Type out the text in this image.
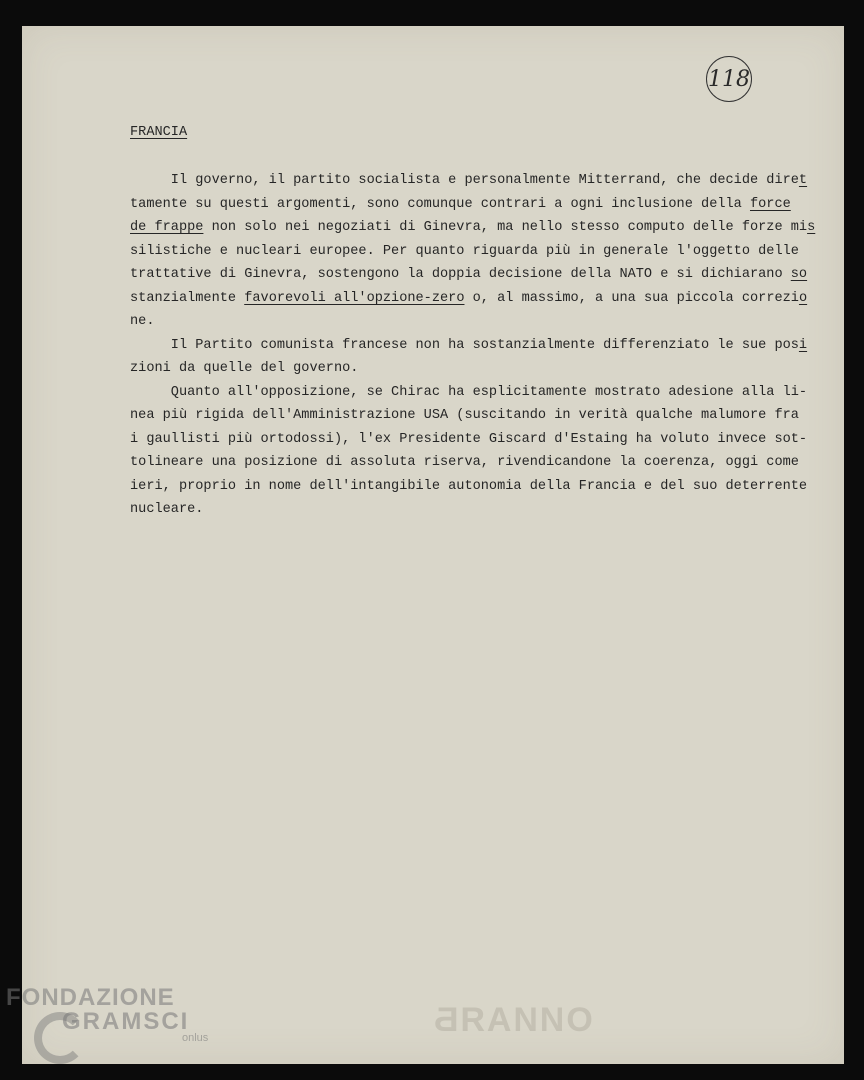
118
FRANCIA
Il governo, il partito socialista e personalmente Mitterrand, che decide diret
tamente su questi argomenti, sono comunque contrari a ogni inclusione della force
de frappe non solo nei negoziati di Ginevra, ma nello stesso computo delle forze mis
silistiche e nucleari europee. Per quanto riguarda più in generale l'oggetto delle
trattative di Ginevra, sostengono la doppia decisione della NATO e si dichiarano so
stanzialmente favorevoli all'opzione-zero o, al massimo, a una sua piccola correzio
ne.
Il Partito comunista francese non ha sostanzialmente differenziato le sue posi
zioni da quelle del governo.
Quanto all'opposizione, se Chirac ha esplicitamente mostrato adesione alla li-
nea più rigida dell'Amministrazione USA (suscitando in verità qualche malumore fra
i gaullisti più ortodossi), l'ex Presidente Giscard d'Estaing ha voluto invece sot-
tolineare una posizione di assoluta riserva, rivendicandone la coerenza, oggi come
ieri, proprio in nome dell'intangibile autonomia della Francia e del suo deterrente
nucleare.
ОИИAЯБ
FONDAZIONE
GRAMSCI
onlus
